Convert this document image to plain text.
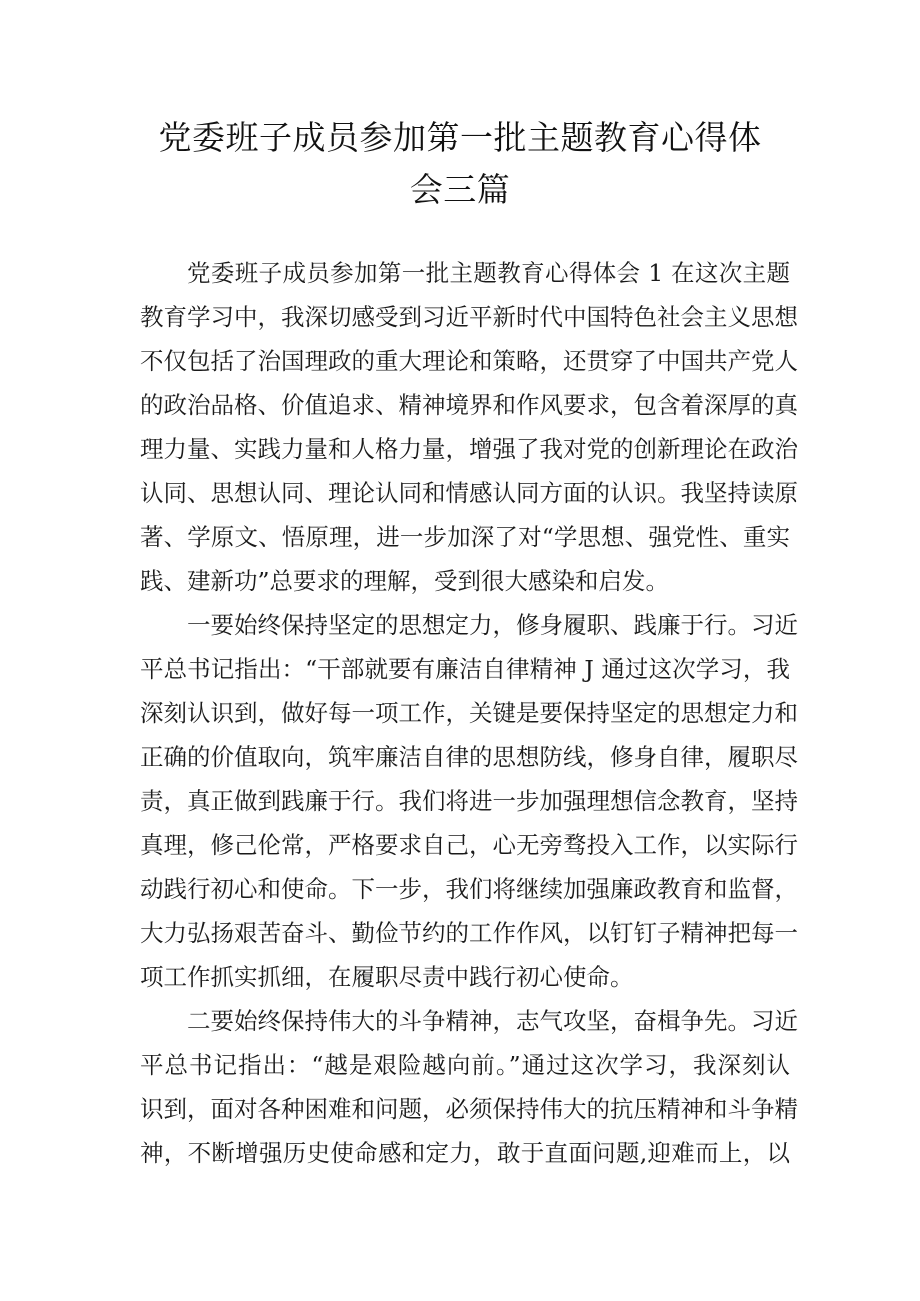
党委班子成员参加第一批主题教育心得体
会三篇
党委班子成员参加第一批主题教育心得体会 1 在这次主题
教育学习中，我深切感受到习近平新时代中国特色社会主义思想
不仅包括了治国理政的重大理论和策略，还贯穿了中国共产党人
的政治品格、价值追求、精神境界和作风要求，包含着深厚的真
理力量、实践力量和人格力量，增强了我对党的创新理论在政治
认同、思想认同、理论认同和情感认同方面的认识。我坚持读原
著、学原文、悟原理，进一步加深了对“学思想、强党性、重实
践、建新功”总要求的理解，受到很大感染和启发。
一要始终保持坚定的思想定力，修身履职、践廉于行。习近
平总书记指出：“干部就要有廉洁自律精神 J 通过这次学习，我
深刻认识到，做好每一项工作，关键是要保持坚定的思想定力和
正确的价值取向，筑牢廉洁自律的思想防线，修身自律，履职尽
责，真正做到践廉于行。我们将进一步加强理想信念教育，坚持
真理，修己伦常，严格要求自己，心无旁骛投入工作，以实际行
动践行初心和使命。下一步，我们将继续加强廉政教育和监督，
大力弘扬艰苦奋斗、勤俭节约的工作作风，以钉钉子精神把每一
项工作抓实抓细，在履职尽责中践行初心使命。
二要始终保持伟大的斗争精神，志气攻坚，奋楫争先。习近
平总书记指出：“越是艰险越向前。”通过这次学习，我深刻认
识到，面对各种困难和问题，必须保持伟大的抗压精神和斗争精
神，不断增强历史使命感和定力，敢于直面问题,迎难而上，以
